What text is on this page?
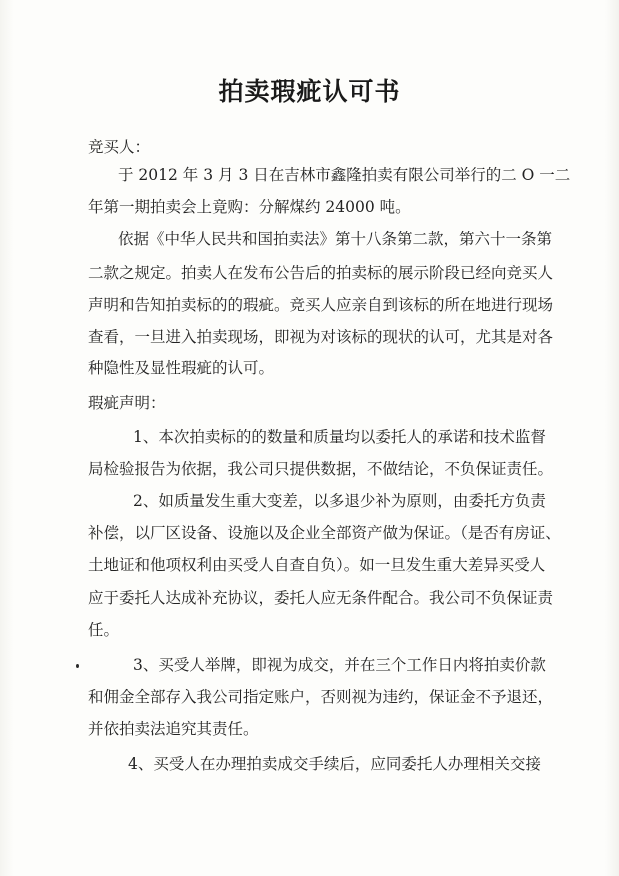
拍卖瑕疵认可书
竞买人：
于 2012 年 3 月 3 日在吉林市鑫隆拍卖有限公司举行的二 O 一二
年第一期拍卖会上竟购：分解煤约 24000 吨。
依据《中华人民共和国拍卖法》第十八条第二款，第六十一条第
二款之规定。拍卖人在发布公告后的拍卖标的展示阶段已经向竞买人
声明和告知拍卖标的的瑕疵。竞买人应亲自到该标的所在地进行现场
查看，一旦进入拍卖现场，即视为对该标的现状的认可，尤其是对各
种隐性及显性瑕疵的认可。
瑕疵声明：
1、本次拍卖标的的数量和质量均以委托人的承诺和技术监督
局检验报告为依据，我公司只提供数据，不做结论，不负保证责任。
2、如质量发生重大变差，以多退少补为原则，由委托方负责
补偿，以厂区设备、设施以及企业全部资产做为保证。（是否有房证、
土地证和他项权利由买受人自查自负）。如一旦发生重大差异买受人
应于委托人达成补充协议，委托人应无条件配合。我公司不负保证责
任。
3、买受人举牌，即视为成交，并在三个工作日内将拍卖价款
和佣金全部存入我公司指定账户，否则视为违约，保证金不予退还，
并依拍卖法追究其责任。
4、买受人在办理拍卖成交手续后，应同委托人办理相关交接
